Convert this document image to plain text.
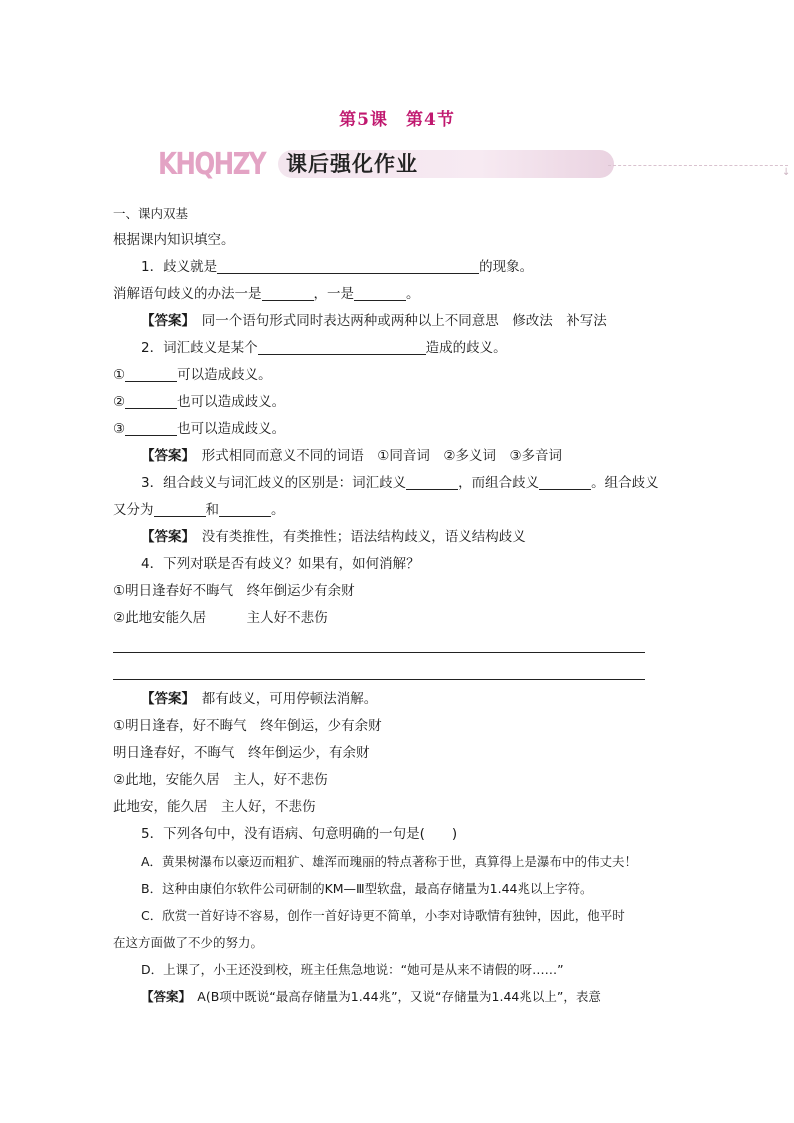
第5课　第4节
KHQHZY 课后强化作业	↓
一、课内双基
根据课内知识填空。
1．歧义就是	的现象。
消解语句歧义的办法一是	，一是	。
【答案】　同一个语句形式同时表达两种或两种以上不同意思　修改法　补写法
2．词汇歧义是某个	造成的歧义。
①	可以造成歧义。
②	也可以造成歧义。
③	也可以造成歧义。
【答案】　形式相同而意义不同的词语　①同音词　②多义词　③多音词
3．组合歧义与词汇歧义的区别是：词汇歧义	，而组合歧义	。组合歧义
又分为	和	。
【答案】　没有类推性，有类推性；语法结构歧义，语义结构歧义
4．下列对联是否有歧义？如果有，如何消解？
①明日逢春好不晦气　终年倒运少有余财
②此地安能久居　　　主人好不悲伤
【答案】　都有歧义，可用停顿法消解。
①明日逢春，好不晦气　终年倒运，少有余财
明日逢春好，不晦气　终年倒运少，有余财
②此地，安能久居　主人，好不悲伤
此地安，能久居　主人好，不悲伤
5．下列各句中，没有语病、句意明确的一句是(　　)
A．黄果树瀑布以豪迈而粗犷、雄浑而瑰丽的特点著称于世，真算得上是瀑布中的伟丈夫！
B．这种由康伯尔软件公司研制的KM—Ⅲ型软盘，最高存储量为1.44兆以上字符。
C．欣赏一首好诗不容易，创作一首好诗更不简单，小李对诗歌情有独钟，因此，他平时
在这方面做了不少的努力。
D．上课了，小王还没到校，班主任焦急地说：“她可是从来不请假的呀……”
【答案】　A(B项中既说“最高存储量为1.44兆”，又说“存储量为1.44兆以上”，表意
